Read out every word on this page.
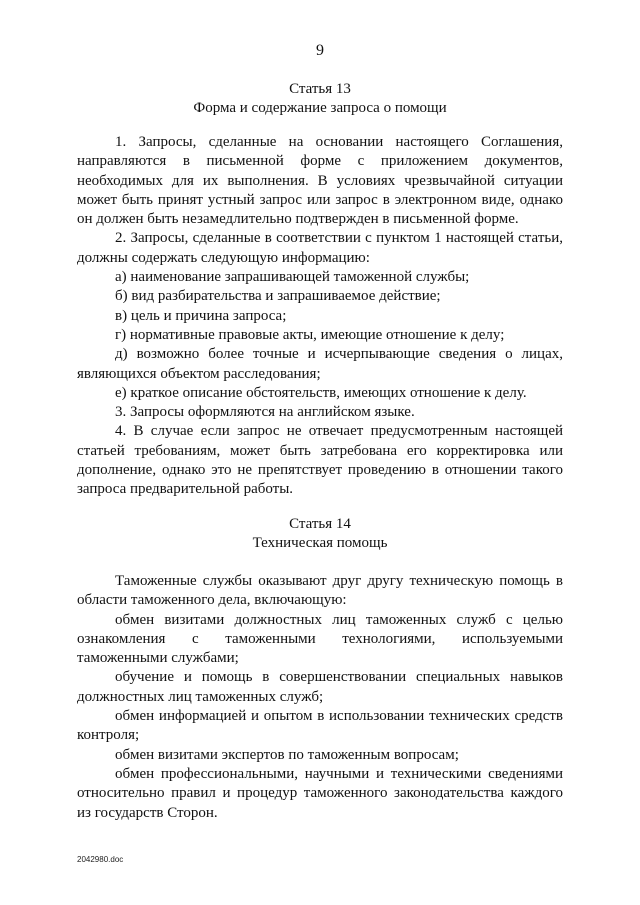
9
Статья 13
Форма и содержание запроса о помощи

1. Запросы, сделанные на основании настоящего Соглашения, направляются в письменной форме с приложением документов, необходимых для их выполнения. В условиях чрезвычайной ситуации может быть принят устный запрос или запрос в электронном виде, однако он должен быть незамедлительно подтвержден в письменной форме.

2. Запросы, сделанные в соответствии с пунктом 1 настоящей статьи, должны содержать следующую информацию:

а) наименование запрашивающей таможенной службы;

б) вид разбирательства и запрашиваемое действие;

в) цель и причина запроса;

г) нормативные правовые акты, имеющие отношение к делу;

д) возможно более точные и исчерпывающие сведения о лицах, являющихся объектом расследования;

е) краткое описание обстоятельств, имеющих отношение к делу.

3. Запросы оформляются на английском языке.

4. В случае если запрос не отвечает предусмотренным настоящей статьей требованиям, может быть затребована его корректировка или дополнение, однако это не препятствует проведению в отношении такого запроса предварительной работы.

Статья 14
Техническая помощь

Таможенные службы оказывают друг другу техническую помощь в области таможенного дела, включающую:

обмен визитами должностных лиц таможенных служб с целью ознакомления с таможенными технологиями, используемыми таможенными службами;

обучение и помощь в совершенствовании специальных навыков должностных лиц таможенных служб;

обмен информацией и опытом в использовании технических средств контроля;

обмен визитами экспертов по таможенным вопросам;

обмен профессиональными, научными и техническими сведениями относительно правил и процедур таможенного законодательства каждого из государств Сторон.

2042980.doc
